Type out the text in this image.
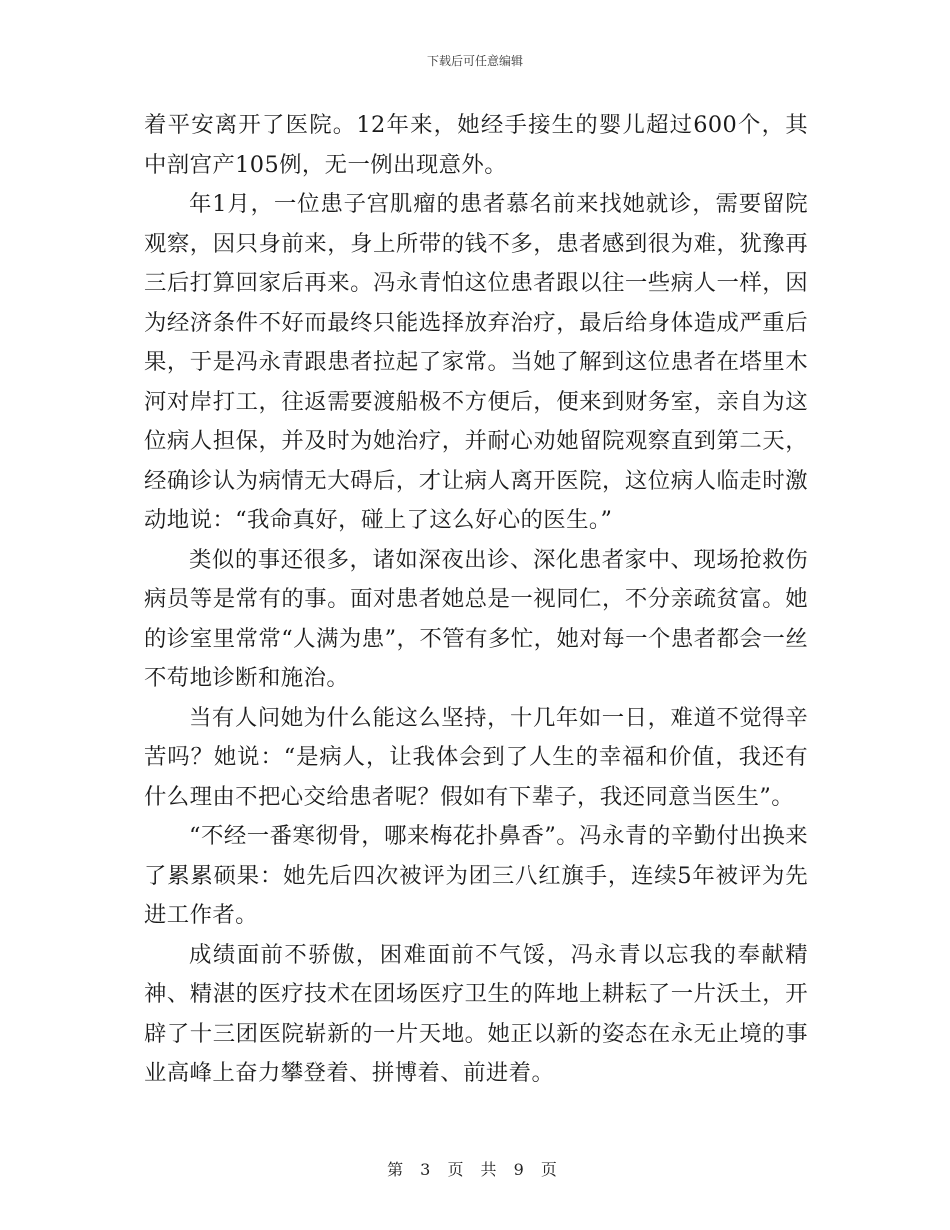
下载后可任意编辑

着平安离开了医院。12年来，她经手接生的婴儿超过600个，其中剖宫产105例，无一例出现意外。

年1月，一位患子宫肌瘤的患者慕名前来找她就诊，需要留院观察，因只身前来，身上所带的钱不多，患者感到很为难，犹豫再三后打算回家后再来。冯永青怕这位患者跟以往一些病人一样，因为经济条件不好而最终只能选择放弃治疗，最后给身体造成严重后果，于是冯永青跟患者拉起了家常。当她了解到这位患者在塔里木河对岸打工，往返需要渡船极不方便后，便来到财务室，亲自为这位病人担保，并及时为她治疗，并耐心劝她留院观察直到第二天，经确诊认为病情无大碍后，才让病人离开医院，这位病人临走时激动地说：“我命真好，碰上了这么好心的医生。”

类似的事还很多，诸如深夜出诊、深化患者家中、现场抢救伤病员等是常有的事。面对患者她总是一视同仁，不分亲疏贫富。她的诊室里常常“人满为患”，不管有多忙，她对每一个患者都会一丝不苟地诊断和施治。

当有人问她为什么能这么坚持，十几年如一日，难道不觉得辛苦吗？她说：“是病人，让我体会到了人生的幸福和价值，我还有什么理由不把心交给患者呢？假如有下辈子，我还同意当医生”。

“不经一番寒彻骨，哪来梅花扑鼻香”。冯永青的辛勤付出换来了累累硕果：她先后四次被评为团三八红旗手，连续5年被评为先进工作者。

成绩面前不骄傲，困难面前不气馁，冯永青以忘我的奉献精神、精湛的医疗技术在团场医疗卫生的阵地上耕耘了一片沃土，开辟了十三团医院崭新的一片天地。她正以新的姿态在永无止境的事业高峰上奋力攀登着、拼博着、前进着。

第 3 页 共 9 页
